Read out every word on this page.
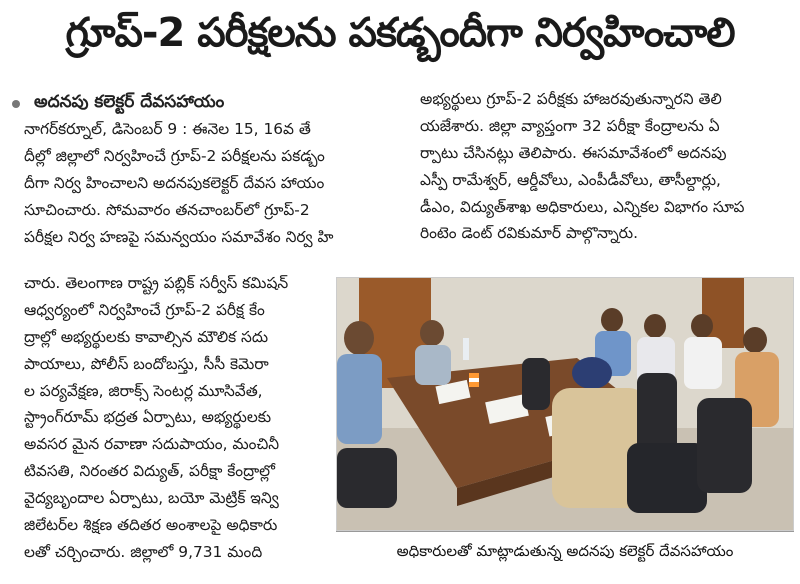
గ్రూప్-2 పరీక్షలను పకడ్బందీగా నిర్వహించాలి
అదనపు కలెక్టర్ దేవసహాయం
నాగర్‌కర్నూల్, డిసెంబర్ 9 : ఈనెల 15, 16వ తే
దీల్లో జిల్లాలో నిర్వహించే గ్రూప్-2 పరీక్షలను పకడ్బం
దీగా నిర్వ హించాలని అదనపుకలెక్టర్ దేవస హాయం
సూచించారు. సోమవారం తనచాంబర్‌లో గ్రూప్-2
పరీక్షల నిర్వ హణపై సమన్వయం సమావేశం నిర్వ హి
చారు. తెలంగాణ రాష్ట్ర పబ్లిక్ సర్వీస్ కమిషన్
ఆధ్వర్యంలో నిర్వహించే గ్రూప్-2 పరీక్ష కేం
ద్రాల్లో అభ్యర్థులకు కావాల్సిన మౌలిక సదు
పాయాలు, పోలీస్ బందోబస్తు, సీసీ కెమెరా
ల పర్యవేక్షణ, జిరాక్స్ సెంటర్ల మూసివేత,
స్ట్రాంగ్‌రూమ్ భద్రత ఏర్పాటు, అభ్యర్థులకు
అవసర మైన రవాణా సదుపాయం, మంచినీ
టివసతి, నిరంతర విద్యుత్, పరీక్షా కేంద్రాల్లో
వైద్యబృందాల ఏర్పాటు, బయో మెట్రిక్ ఇన్వి
జిలేటర్‌ల శిక్షణ తదితర అంశాలపై అధికారు
లతో చర్చించారు. జిల్లాలో 9,731 మంది
అభ్యర్థులు గ్రూప్-2 పరీక్షకు హాజరవుతున్నారని తెలి
యజేశారు. జిల్లా వ్యాప్తంగా 32 పరీక్షా కేంద్రాలను ఏ
ర్పాటు చేసినట్లు తెలిపారు. ఈసమావేశంలో అదనపు
ఎస్పీ రామేశ్వర్, ఆర్డీవోలు, ఎంపీడీవోలు, తాసీల్దార్లు,
డీఎం, విద్యుత్‌శాఖ అధికారులు, ఎన్నికల విభాగం సూప
రింటెం డెంట్ రవికుమార్ పాల్గొన్నారు.
అధికారులతో మాట్లాడుతున్న అదనపు కలెక్టర్ దేవసహాయం
